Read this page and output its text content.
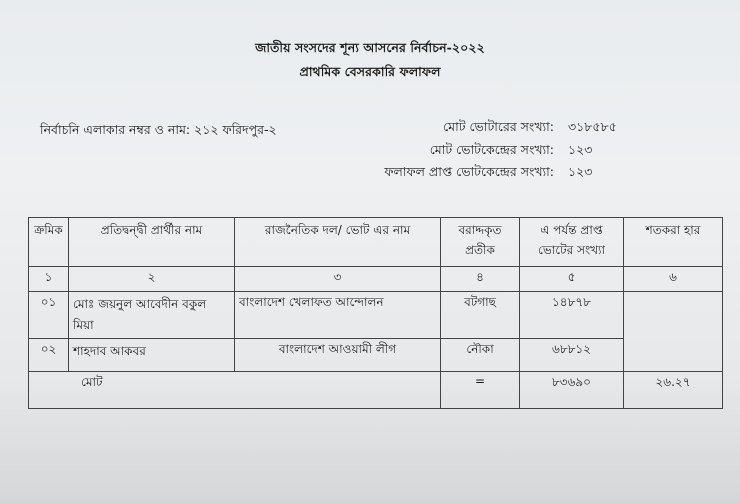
জাতীয় সংসদের শূন্য আসনের নির্বাচন-২০২২
প্রাথমিক বেসরকারি ফলাফল
নির্বাচনি এলাকার নম্বর ও নাম: ২১২ ফরিদপুর-২	মোট ভোটারের সংখ্যা:	৩১৮৫৮৫
মোট ভোটকেন্দ্রের সংখ্যা:	১২৩
ফলাফল প্রাপ্ত ভোটকেন্দ্রের সংখ্যা:	১২৩
ক্রমিক	প্রতিদ্বন্দ্বী প্রার্থীর নাম	রাজনৈতিক দল/ ভোট এর নাম	বরাদ্দকৃত প্রতীক	এ পর্যন্ত প্রাপ্ত ভোটের সংখ্যা	শতকরা হার
১	২	৩	৪	৫	৬
০১	মোঃ জয়নুল আবেদীন বকুল মিয়া	বাংলাদেশ খেলাফত আন্দোলন	বটগাছ	১৪৮৭৮	
০২	শাহদাব আকবর	বাংলাদেশ আওয়ামী লীগ	নৌকা	৬৮৮১২	
মোট			=	৮৩৬৯০	২৬.২৭
